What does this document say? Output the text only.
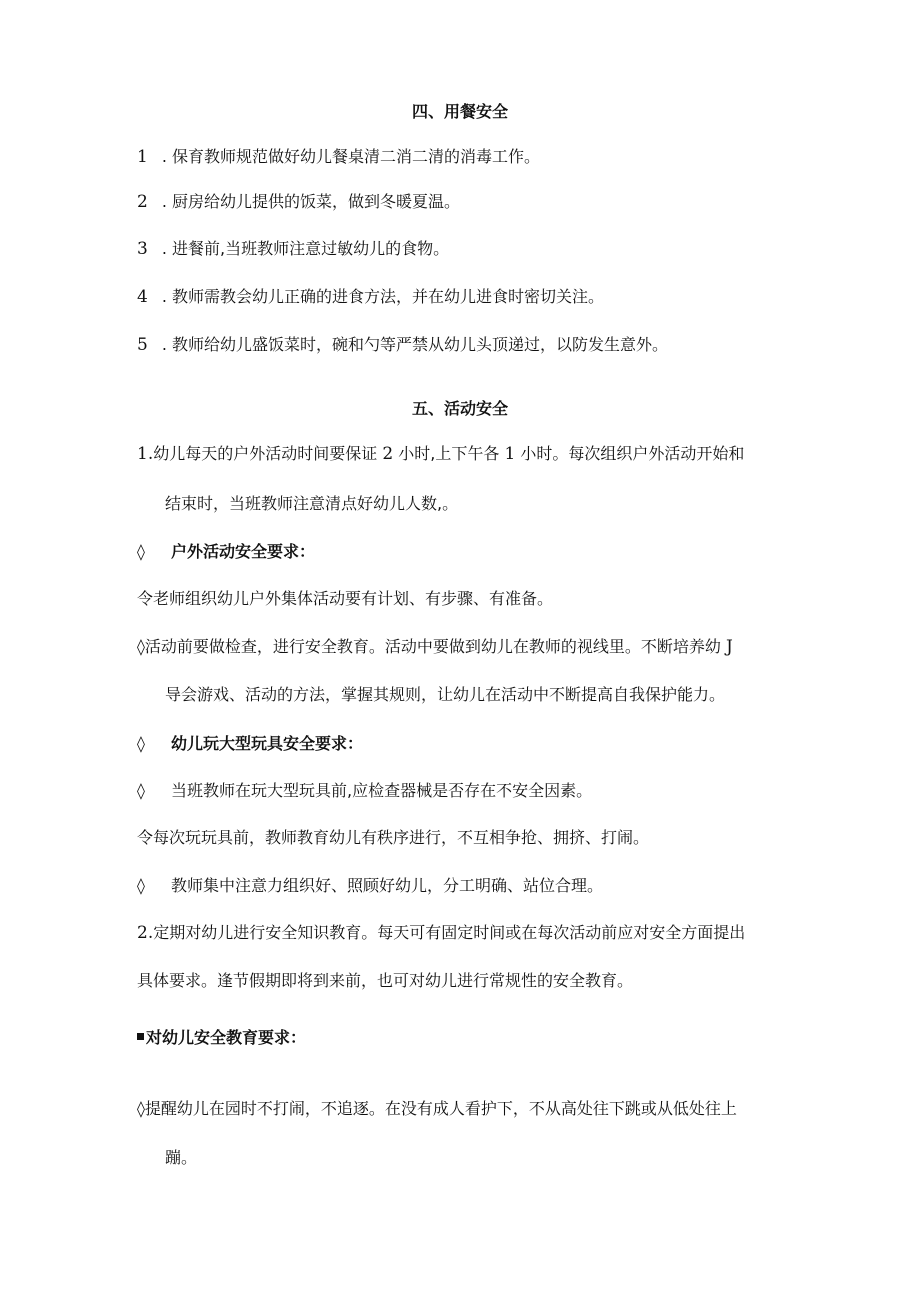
四、用餐安全
1 . 保育教师规范做好幼儿餐桌清二消二清的消毒工作。
2 . 厨房给幼儿提供的饭菜，做到冬暖夏温。
3 . 进餐前,当班教师注意过敏幼儿的食物。
4 . 教师需教会幼儿正确的进食方法，并在幼儿进食时密切关注。
5 . 教师给幼儿盛饭菜时，碗和勺等严禁从幼儿头顶递过，以防发生意外。
五、活动安全
1.幼儿每天的户外活动时间要保证 2 小时,上下午各 1 小时。每次组织户外活动开始和
结束时，当班教师注意清点好幼儿人数,。
◊ 户外活动安全要求：
令老师组织幼儿户外集体活动要有计划、有步骤、有准备。
◊活动前要做检查，进行安全教育。活动中要做到幼儿在教师的视线里。不断培养幼 J
导会游戏、活动的方法，掌握其规则，让幼儿在活动中不断提高自我保护能力。
◊ 幼儿玩大型玩具安全要求：
◊ 当班教师在玩大型玩具前,应检查器械是否存在不安全因素。
令每次玩玩具前，教师教育幼儿有秩序进行，不互相争抢、拥挤、打闹。
◊ 教师集中注意力组织好、照顾好幼儿，分工明确、站位合理。
2.定期对幼儿进行安全知识教育。每天可有固定时间或在每次活动前应对安全方面提出
具体要求。逢节假期即将到来前，也可对幼儿进行常规性的安全教育。
对幼儿安全教育要求：
◊提醒幼儿在园时不打闹，不追逐。在没有成人看护下，不从高处往下跳或从低处往上
蹦。
